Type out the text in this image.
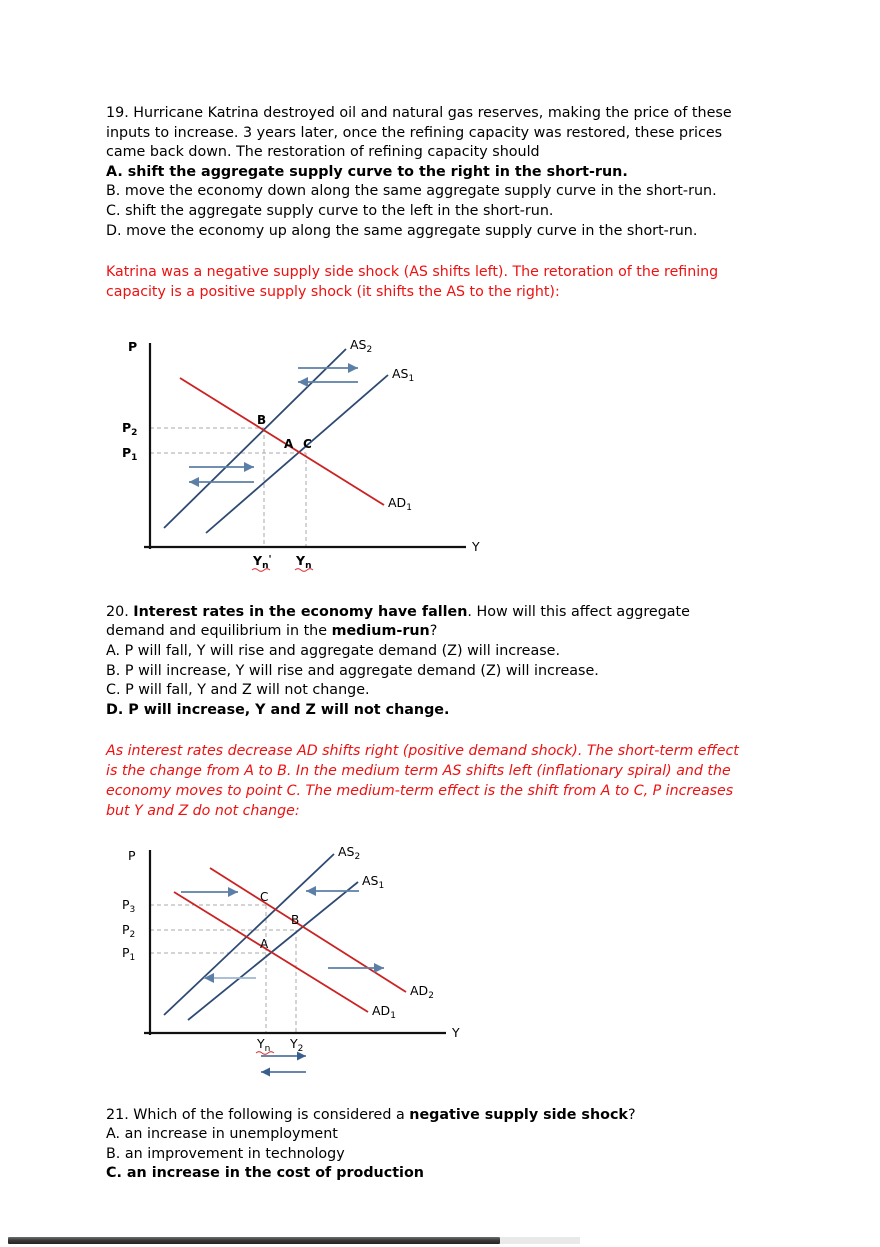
19. Hurricane Katrina destroyed oil and natural gas reserves, making the price of these
inputs to increase. 3 years later, once the refining capacity was restored, these prices
came back down. The restoration of refining capacity should
A. shift the aggregate supply curve to the right in the short-run.
B. move the economy down along the same aggregate supply curve in the short-run.
C. shift the aggregate supply curve to the left in the short-run.
D. move the economy up along the same aggregate supply curve in the short-run.
Katrina was a negative supply side shock (AS shifts left). The retoration of the refining
capacity is a positive supply shock (it shifts the AS to the right):
P
Y
$P_2$
$P_1$
$Y_n'$ $Y_n$
$AS_2$
$AS_1$
$AD_1$
B
A C
20. Interest rates in the economy have fallen. How will this affect aggregate
demand and equilibrium in the medium-run?
A. P will fall, Y will rise and aggregate demand (Z) will increase.
B. P will increase, Y will rise and aggregate demand (Z) will increase.
C. P will fall, Y and Z will not change.
D. P will increase, Y and Z will not change.
As interest rates decrease AD shifts right (positive demand shock). The short-term effect
is the change from A to B. In the medium term AS shifts left (inflationary spiral) and the
economy moves to point C. The medium-term effect is the shift from A to C, P increases
but Y and Z do not change:
P
Y
$P_3$
$P_2$
$P_1$
$Y_n$ $Y_2$
$AS_2$
$AS_1$
$AD_2$
$AD_1$
C
B
A
21. Which of the following is considered a negative supply side shock?
A. an increase in unemployment
B. an improvement in technology
C. an increase in the cost of production
